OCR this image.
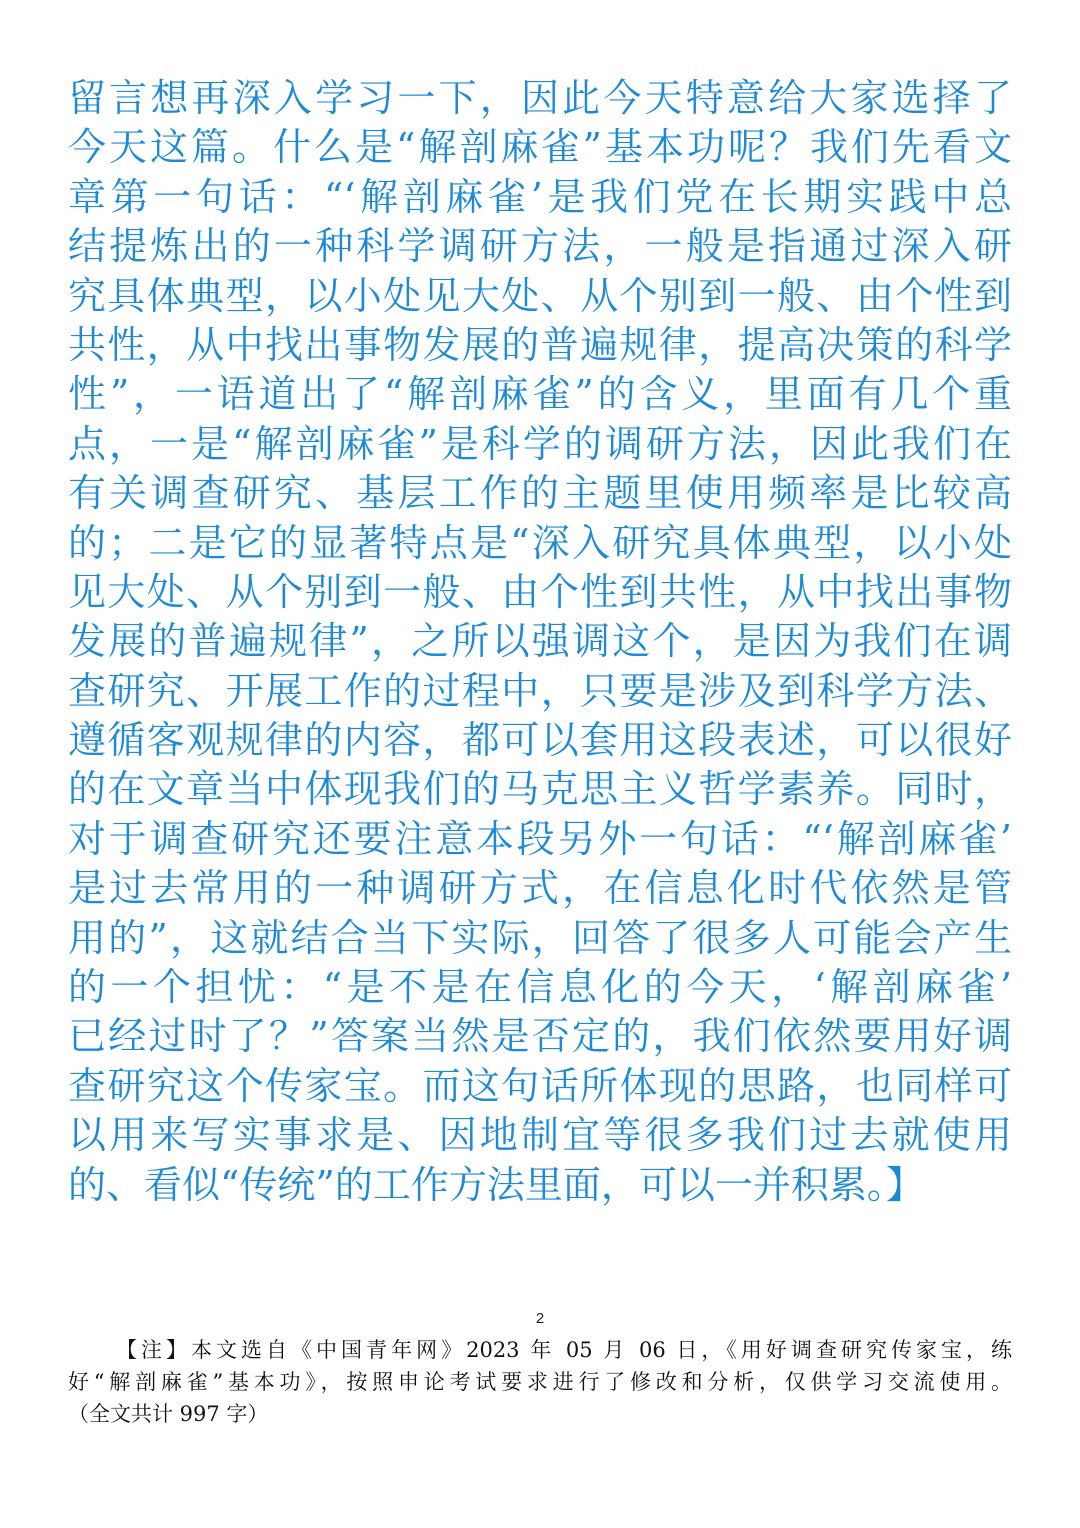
留言想再深入学习一下，因此今天特意给大家选择了
今天这篇。什么是“解剖麻雀”基本功呢？我们先看文
章第一句话：“‘解剖麻雀’是我们党在长期实践中总
结提炼出的一种科学调研方法，一般是指通过深入研
究具体典型，以小处见大处、从个别到一般、由个性到
共性，从中找出事物发展的普遍规律，提高决策的科学
性”，一语道出了“解剖麻雀”的含义，里面有几个重
点，一是“解剖麻雀”是科学的调研方法，因此我们在
有关调查研究、基层工作的主题里使用频率是比较高
的；二是它的显著特点是“深入研究具体典型，以小处
见大处、从个别到一般、由个性到共性，从中找出事物
发展的普遍规律”，之所以强调这个，是因为我们在调
查研究、开展工作的过程中，只要是涉及到科学方法、
遵循客观规律的内容，都可以套用这段表述，可以很好
的在文章当中体现我们的马克思主义哲学素养。同时，
对于调查研究还要注意本段另外一句话：“‘解剖麻雀’
是过去常用的一种调研方式，在信息化时代依然是管
用的”，这就结合当下实际，回答了很多人可能会产生
的一个担忧：“是不是在信息化的今天，‘解剖麻雀’
已经过时了？”答案当然是否定的，我们依然要用好调
查研究这个传家宝。而这句话所体现的思路，也同样可
以用来写实事求是、因地制宜等很多我们过去就使用
的、看似“传统”的工作方法里面，可以一并积累。】
2
【注】本文选自《中国青年网》2023 年 05 月 06 日，《用好调查研究传家宝，练
好“解剖麻雀”基本功》，按照申论考试要求进行了修改和分析，仅供学习交流使用。
（全文共计 997 字）
